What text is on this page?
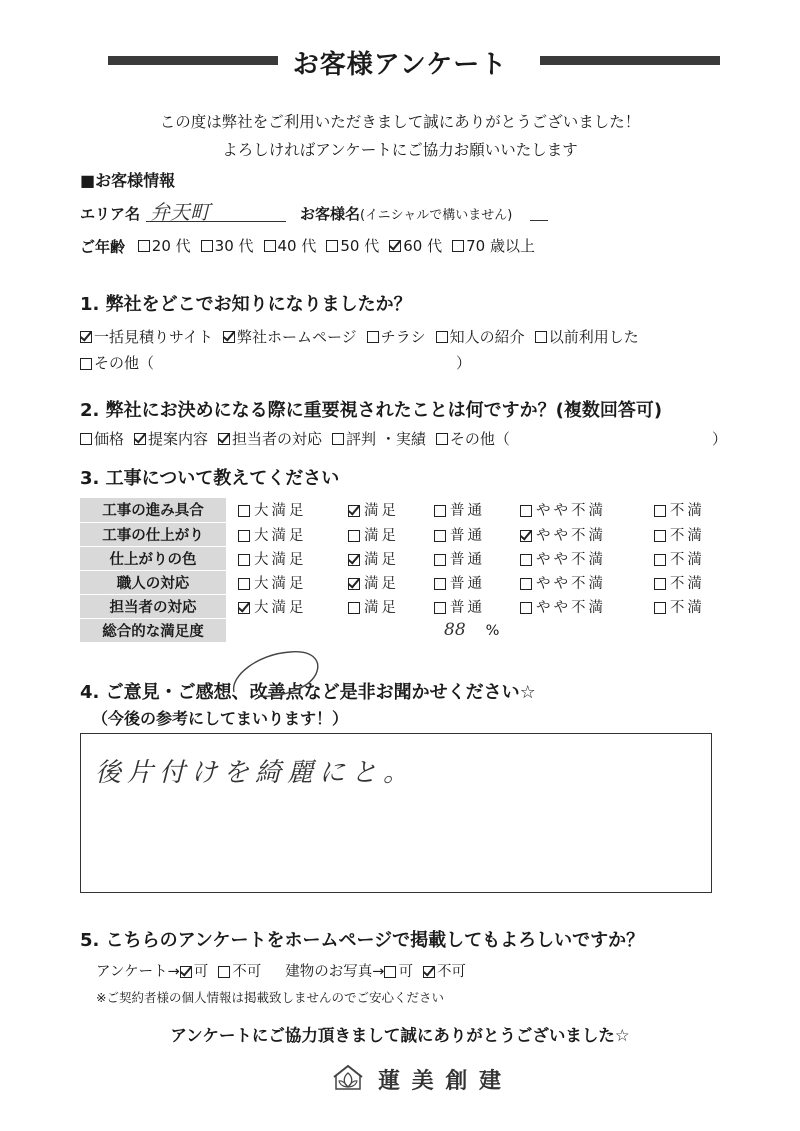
お客様アンケート
この度は弊社をご利用いただきまして誠にありがとうございました！
よろしければアンケートにご協力お願いいたします
■お客様情報
エリア名 弁天町	お客様名(イニシャルで構いません)
ご年齢 20 代 30 代 40 代 50 代 60 代 70 歳以上
1. 弊社をどこでお知りになりましたか？
一括見積りサイト 弊社ホームページ チラシ 知人の紹介 以前利用した
その他（	）
2. 弊社にお決めになる際に重要視されたことは何ですか？(複数回答可)
価格 提案内容 担当者の対応 評判 ・実績 その他（	）
3. 工事について教えてください
工事の進み具合	大満足	満足	普通	やや不満	不満
工事の仕上がり	大満足	満足	普通	やや不満	不満
仕上がりの色	大満足	満足	普通	やや不満	不満
職人の対応	大満足	満足	普通	やや不満	不満
担当者の対応	大満足	満足	普通	やや不満	不満
総合的な満足度	88 %				
4. ご意見・ご感想、改善点など是非お聞かせください☆
（今後の参考にしてまいります！）
後片付けを綺麗にと。
5. こちらのアンケートをホームページで掲載してもよろしいですか？
アンケート→ 可 不可 建物のお写真→ 可 不可
※ご契約者様の個人情報は掲載致しませんのでご安心ください
アンケートにご協力頂きまして誠にありがとうございました☆
蓮 美 創 建
